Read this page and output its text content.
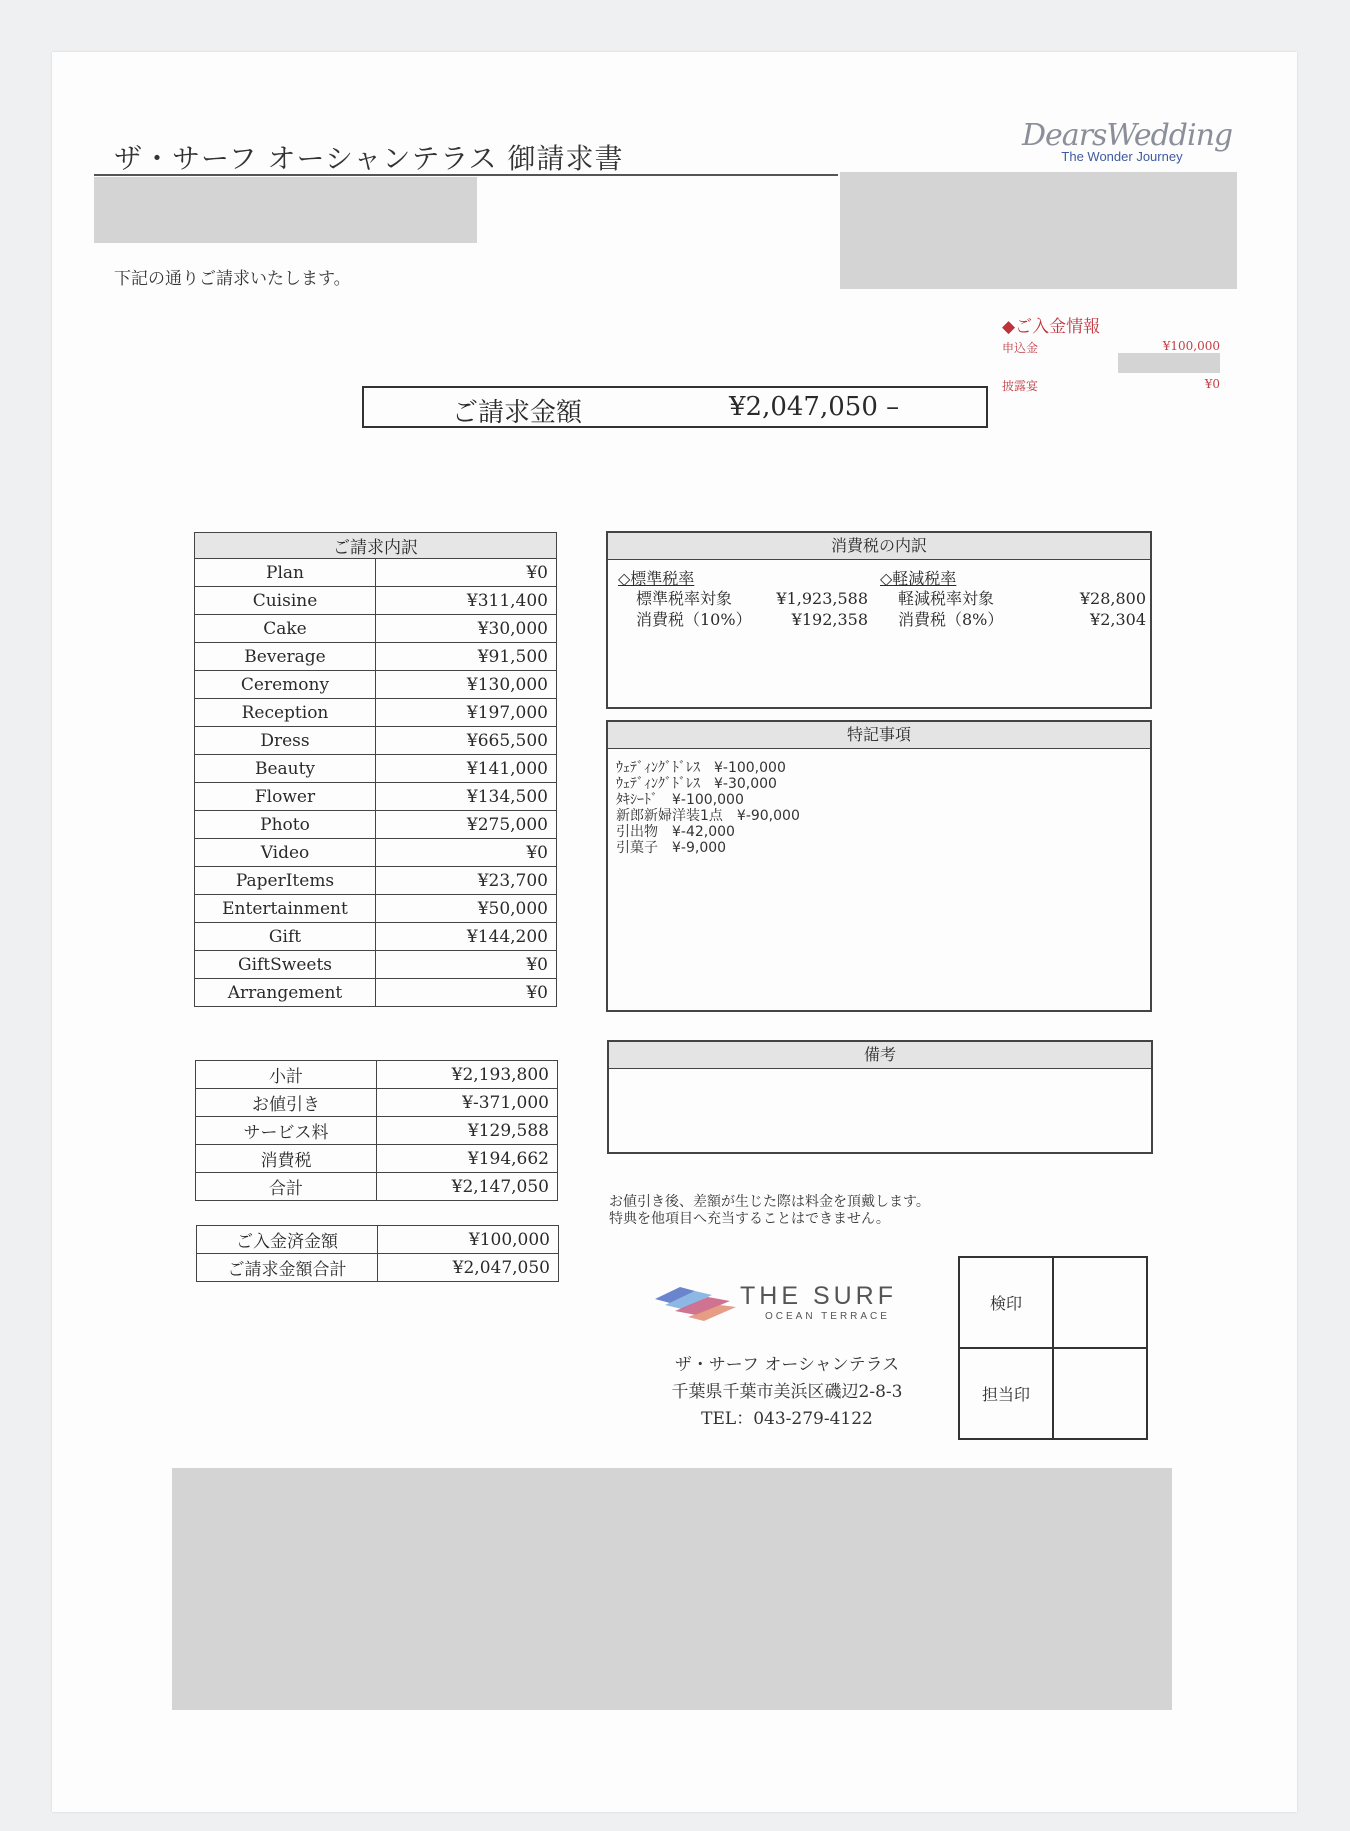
ザ・サーフ オーシャンテラス 御請求書
DearsWedding
The Wonder Journey
下記の通りご請求いたします。
◆ご入金情報
申込金	¥100,000
披露宴	¥0
ご請求金額	¥2,047,050 –
ご請求内訳	
Plan	¥0
Cuisine	¥311,400
Cake	¥30,000
Beverage	¥91,500
Ceremony	¥130,000
Reception	¥197,000
Dress	¥665,500
Beauty	¥141,000
Flower	¥134,500
Photo	¥275,000
Video	¥0
PaperItems	¥23,700
Entertainment	¥50,000
Gift	¥144,200
GiftSweets	¥0
Arrangement	¥0
小計	¥2,193,800
お値引き	¥-371,000
サービス料	¥129,588
消費税	¥194,662
合計	¥2,147,050
ご入金済金額	¥100,000
ご請求金額合計	¥2,047,050
消費税の内訳
◇標準税率
標準税率対象	¥1,923,588
消費税（10%）	¥192,358
◇軽減税率
軽減税率対象	¥28,800
消費税（8%）	¥2,304
特記事項
ｳｪﾃﾞｨﾝｸﾞﾄﾞﾚｽ　¥-100,000
ｳｪﾃﾞｨﾝｸﾞﾄﾞﾚｽ　¥-30,000
ﾀｷｼｰﾄﾞ　¥-100,000
新郎新婦洋装1点　¥-90,000
引出物　¥-42,000
引菓子　¥-9,000
備考
お値引き後、差額が生じた際は料金を頂戴します。
特典を他項目へ充当することはできません。
THE SURF
OCEAN TERRACE
ザ・サーフ オーシャンテラス
千葉県千葉市美浜区磯辺2-8-3
TEL：043-279-4122
検印	
担当印	
